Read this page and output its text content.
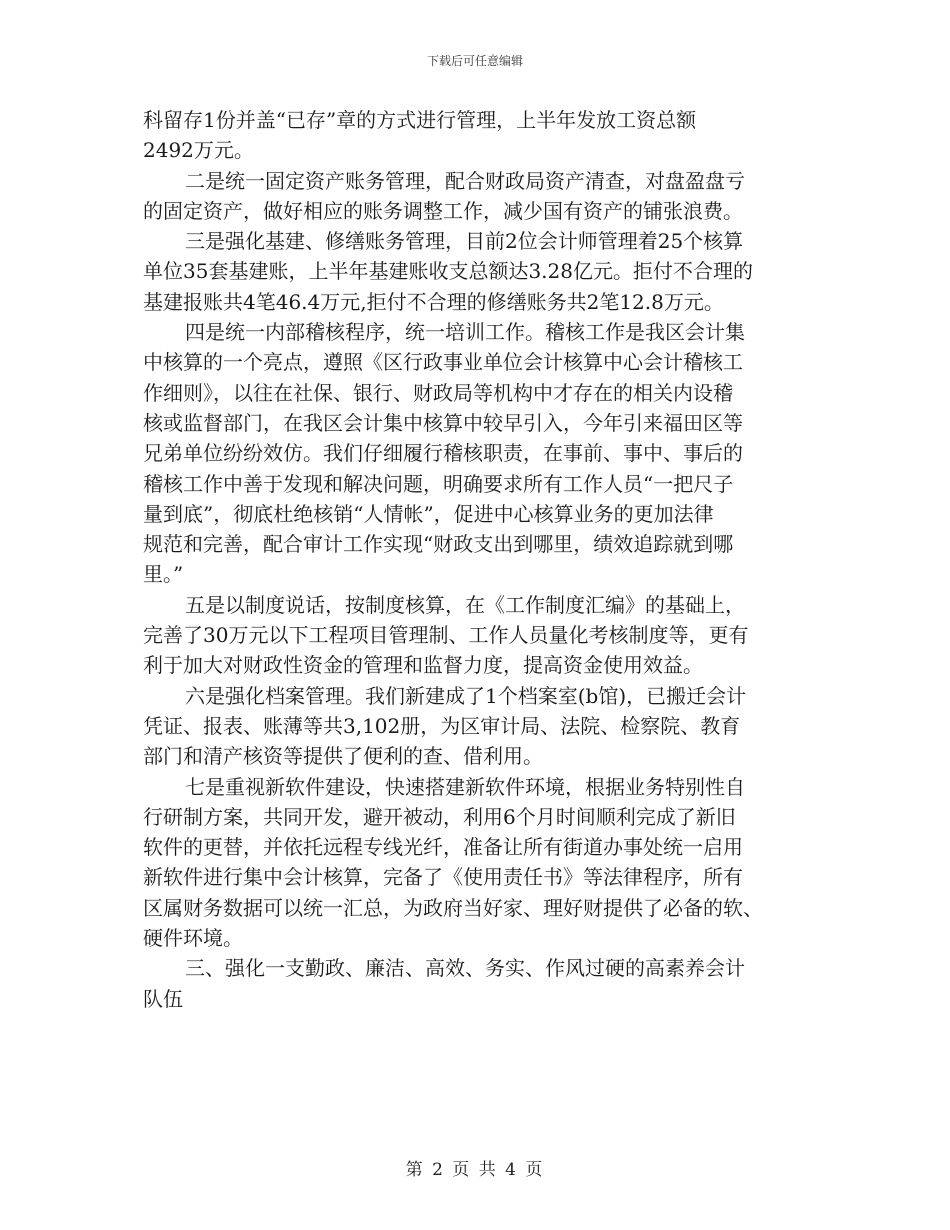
下载后可任意编辑

科留存1份并盖“已存”章的方式进行管理，上半年发放工资总额
2492万元。

二是统一固定资产账务管理，配合财政局资产清查，对盘盈盘亏
的固定资产，做好相应的账务调整工作，减少国有资产的铺张浪费。

三是强化基建、修缮账务管理，目前2位会计师管理着25个核算
单位35套基建账，上半年基建账收支总额达3.28亿元。拒付不合理的
基建报账共4笔46.4万元,拒付不合理的修缮账务共2笔12.8万元。

四是统一内部稽核程序，统一培训工作。稽核工作是我区会计集
中核算的一个亮点，遵照《区行政事业单位会计核算中心会计稽核工
作细则》，以往在社保、银行、财政局等机构中才存在的相关内设稽
核或监督部门，在我区会计集中核算中较早引入，今年引来福田区等
兄弟单位纷纷效仿。我们仔细履行稽核职责，在事前、事中、事后的
稽核工作中善于发现和解决问题，明确要求所有工作人员“一把尺子
量到底”，彻底杜绝核销“人情帐”，促进中心核算业务的更加法律
规范和完善，配合审计工作实现“财政支出到哪里，绩效追踪就到哪
里。”

五是以制度说话，按制度核算，在《工作制度汇编》的基础上，
完善了30万元以下工程项目管理制、工作人员量化考核制度等，更有
利于加大对财政性资金的管理和监督力度，提高资金使用效益。

六是强化档案管理。我们新建成了1个档案室(b馆)，已搬迁会计
凭证、报表、账薄等共3,102册，为区审计局、法院、检察院、教育
部门和清产核资等提供了便利的查、借利用。

七是重视新软件建设，快速搭建新软件环境，根据业务特别性自
行研制方案，共同开发，避开被动，利用6个月时间顺利完成了新旧
软件的更替，并依托远程专线光纤，准备让所有街道办事处统一启用
新软件进行集中会计核算，完备了《使用责任书》等法律程序，所有
区属财务数据可以统一汇总，为政府当好家、理好财提供了必备的软、
硬件环境。

三、强化一支勤政、廉洁、高效、务实、作风过硬的高素养会计
队伍

第 2 页 共 4 页
